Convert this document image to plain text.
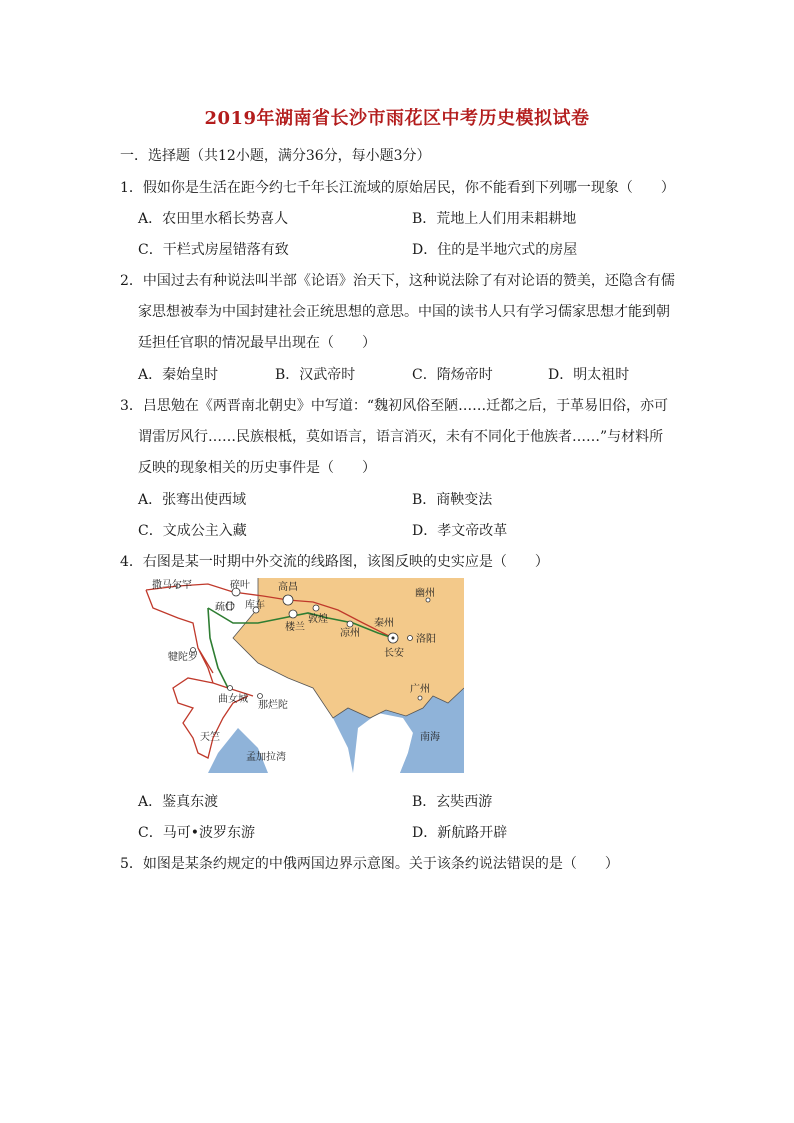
2019年湖南省长沙市雨花区中考历史模拟试卷
一．选择题（共12小题，满分36分，每小题3分）
1．假如你是生活在距今约七千年长江流域的原始居民，你不能看到下列哪一现象（　　）
A．农田里水稻长势喜人	B．荒地上人们用耒耜耕地
C．干栏式房屋错落有致	D．住的是半地穴式的房屋
2．中国过去有种说法叫半部《论语》治天下，这种说法除了有对论语的赞美，还隐含有儒
家思想被奉为中国封建社会正统思想的意思。中国的读书人只有学习儒家思想才能到朝
廷担任官职的情况最早出现在（　　）
A．秦始皇时	B．汉武帝时	C．隋炀帝时	D．明太祖时
3．吕思勉在《两晋南北朝史》中写道：“魏初风俗至陋……迁都之后，于革易旧俗，亦可
谓雷厉风行……民族根柢，莫如语言，语言消灭，未有不同化于他族者……”与材料所
反映的现象相关的历史事件是（　　）
A．张骞出使西域	B．商鞅变法
C．文成公主入藏	D．孝文帝改革
4．右图是某一时期中外交流的线路图，该图反映的史实应是（　　）
撒马尔罕	碎叶	高昌
疏什 库车
楼兰
敦煌
幽州
秦州
凉州
洛阳
长安
犍陀罗
曲女城
那烂陀
天竺
广州
南海
孟加拉湾
A．鉴真东渡	B．玄奘西游
C．马可•波罗东游	D．新航路开辟
5．如图是某条约规定的中俄两国边界示意图。关于该条约说法错误的是（　　）
